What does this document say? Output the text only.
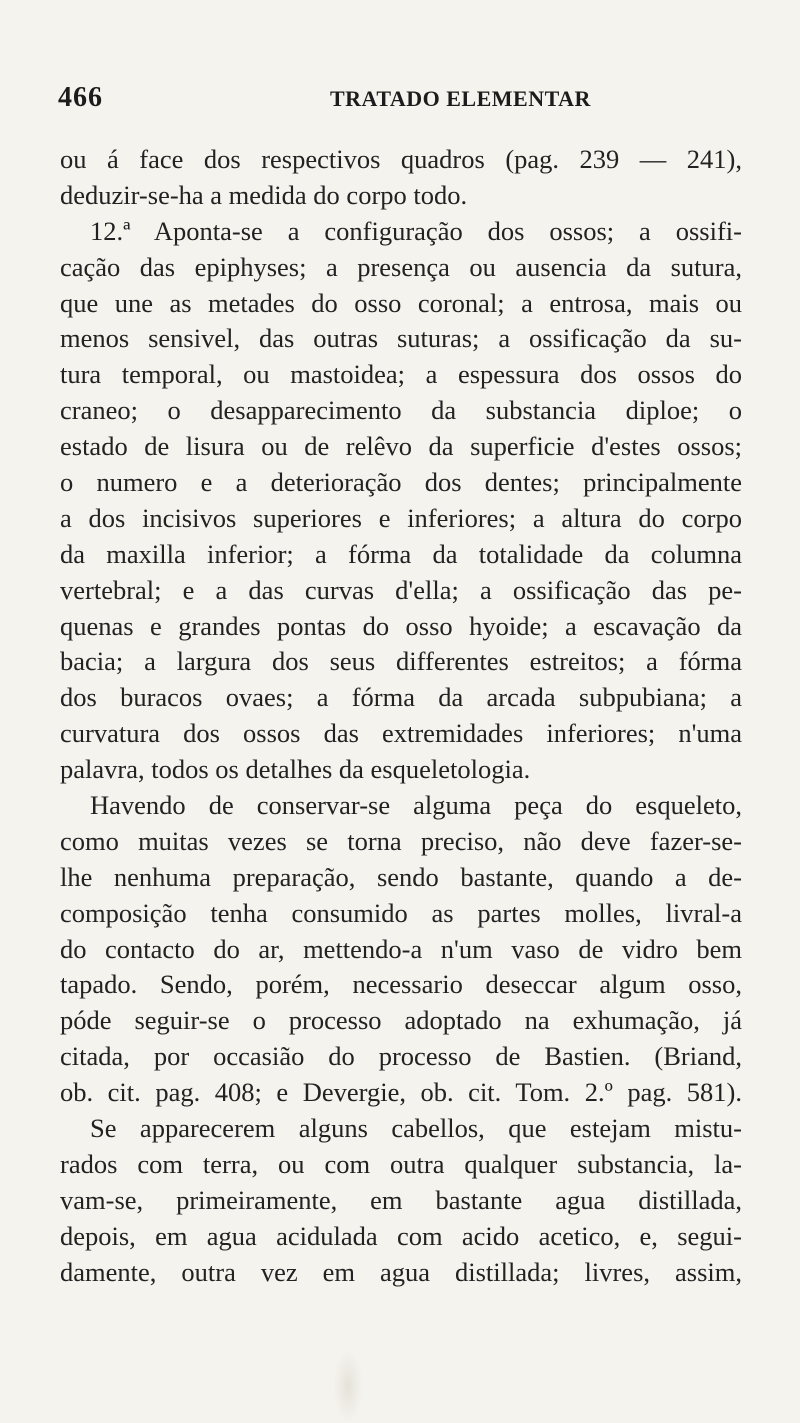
466	TRATADO ELEMENTAR
ou á face dos respectivos quadros (pag. 239 — 241),
deduzir-se-ha a medida do corpo todo.
12.ª Aponta-se a configuração dos ossos; a ossifi-
cação das epiphyses; a presença ou ausencia da sutura,
que une as metades do osso coronal; a entrosa, mais ou
menos sensivel, das outras suturas; a ossificação da su-
tura temporal, ou mastoidea; a espessura dos ossos do
craneo; o desapparecimento da substancia diploe; o
estado de lisura ou de relêvo da superficie d'estes ossos;
o numero e a deterioração dos dentes; principalmente
a dos incisivos superiores e inferiores; a altura do corpo
da maxilla inferior; a fórma da totalidade da columna
vertebral; e a das curvas d'ella; a ossificação das pe-
quenas e grandes pontas do osso hyoide; a escavação da
bacia; a largura dos seus differentes estreitos; a fórma
dos buracos ovaes; a fórma da arcada subpubiana; a
curvatura dos ossos das extremidades inferiores; n'uma
palavra, todos os detalhes da esqueletologia.
Havendo de conservar-se alguma peça do esqueleto,
como muitas vezes se torna preciso, não deve fazer-se-
lhe nenhuma preparação, sendo bastante, quando a de-
composição tenha consumido as partes molles, livral-a
do contacto do ar, mettendo-a n'um vaso de vidro bem
tapado. Sendo, porém, necessario deseccar algum osso,
póde seguir-se o processo adoptado na exhumação, já
citada, por occasião do processo de Bastien. (Briand,
ob. cit. pag. 408; e Devergie, ob. cit. Tom. 2.º pag. 581).
Se apparecerem alguns cabellos, que estejam mistu-
rados com terra, ou com outra qualquer substancia, la-
vam-se, primeiramente, em bastante agua distillada,
depois, em agua acidulada com acido acetico, e, segui-
damente, outra vez em agua distillada; livres, assim,
